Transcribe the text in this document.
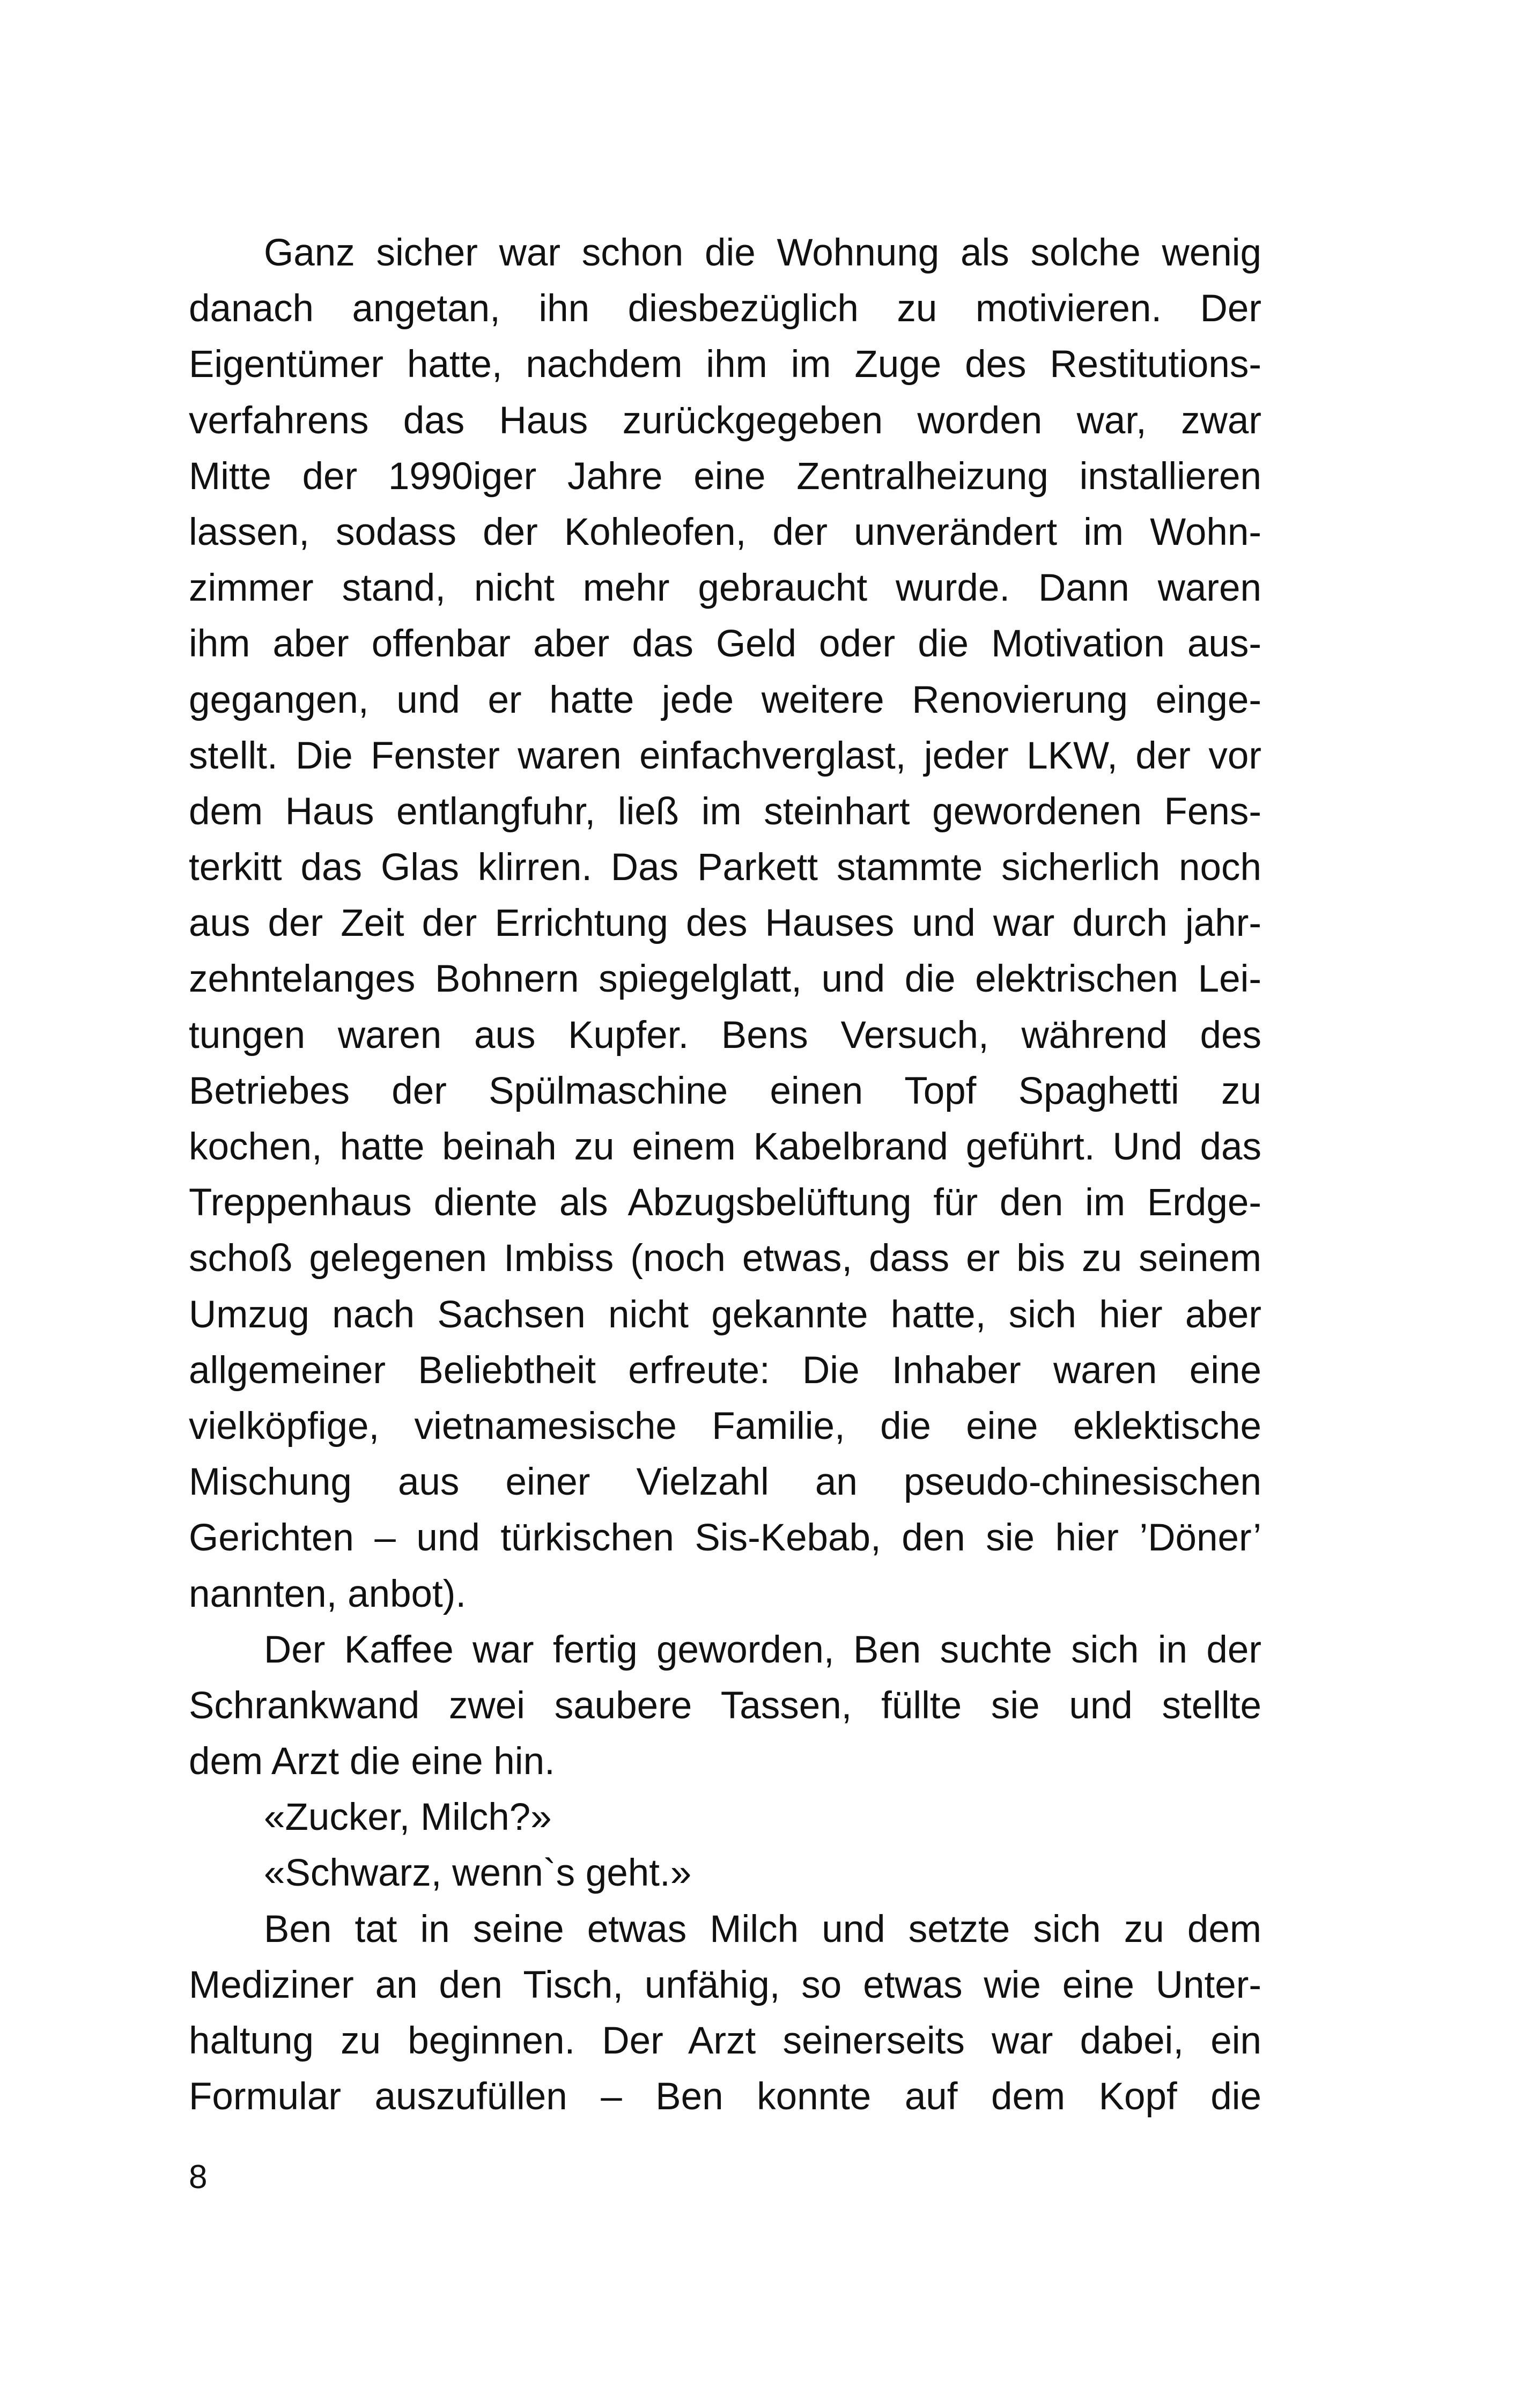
Ganz sicher war schon die Wohnung als solche wenig
danach angetan, ihn diesbezüglich zu motivieren. Der
Eigentümer hatte, nachdem ihm im Zuge des Restitutions-
verfahrens das Haus zurückgegeben worden war, zwar
Mitte der 1990iger Jahre eine Zentralheizung installieren
lassen, sodass der Kohleofen, der unverändert im Wohn-
zimmer stand, nicht mehr gebraucht wurde. Dann waren
ihm aber offenbar aber das Geld oder die Motivation aus-
gegangen, und er hatte jede weitere Renovierung einge-
stellt. Die Fenster waren einfachverglast, jeder LKW, der vor
dem Haus entlangfuhr, ließ im steinhart gewordenen Fens-
terkitt das Glas klirren. Das Parkett stammte sicherlich noch
aus der Zeit der Errichtung des Hauses und war durch jahr-
zehntelanges Bohnern spiegelglatt, und die elektrischen Lei-
tungen waren aus Kupfer. Bens Versuch, während des
Betriebes der Spülmaschine einen Topf Spaghetti zu
kochen, hatte beinah zu einem Kabelbrand geführt. Und das
Treppenhaus diente als Abzugsbelüftung für den im Erdge-
schoß gelegenen Imbiss (noch etwas, dass er bis zu seinem
Umzug nach Sachsen nicht gekannte hatte, sich hier aber
allgemeiner Beliebtheit erfreute: Die Inhaber waren eine
vielköpfige, vietnamesische Familie, die eine eklektische
Mischung aus einer Vielzahl an pseudo-chinesischen
Gerichten – und türkischen Sis-Kebab, den sie hier ’Döner’
nannten, anbot).
Der Kaffee war fertig geworden, Ben suchte sich in der
Schrankwand zwei saubere Tassen, füllte sie und stellte
dem Arzt die eine hin.
«Zucker, Milch?»
«Schwarz, wenn`s geht.»
Ben tat in seine etwas Milch und setzte sich zu dem
Mediziner an den Tisch, unfähig, so etwas wie eine Unter-
haltung zu beginnen. Der Arzt seinerseits war dabei, ein
Formular auszufüllen – Ben konnte auf dem Kopf die
8
